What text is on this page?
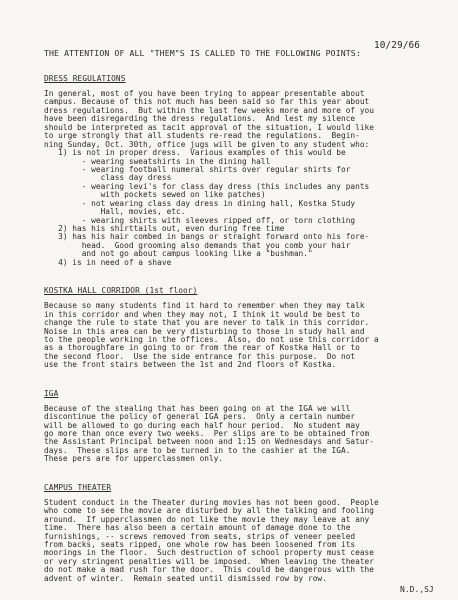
10/29/66
THE ATTENTION OF ALL "THEM"S IS CALLED TO THE FOLLOWING POINTS:
DRESS REGULATIONS
In general, most of you have been trying to appear presentable about
campus. Because of this not much has been said so far this year about
dress regulations.  But within the last few weeks more and more of you
have been disregarding the dress regulations.  And lest my silence
should be interpreted as tacit approval of the situation, I would like
to urge strongly that all students re-read the regulations.  Begin-
ning Sunday, Oct. 30th, office jugs will be given to any student who:
1) is not in proper dress.  Various examples of this would be
- wearing sweatshirts in the dining hall
- wearing football numeral shirts over regular shirts for
class day dress
- wearing levi's for class day dress (this includes any pants
with pockets sewed on like patches)
- not wearing class day dress in dining hall, Kostka Study
Hall, movies, etc.
- wearing shirts with sleeves ripped off, or torn clothing
2) has his shirttails out, even during free time
3) has his hair combed in bangs or straight forward onto his fore-
head.  Good grooming also demands that you comb your hair
and not go about campus looking like a "bushman."
4) is in need of a shave
KOSTKA HALL CORRIDOR (1st floor)
Because so many students find it hard to remember when they may talk
in this corridor and when they may not, I think it would be best to
change the rule to state that you are never to talk in this corridor.
Noise in this area can be very disturbing to those in study hall and
to the people working in the offices.  Also, do not use this corridor a
as a thoroughfare in going to or from the rear of Kostka Hall or to
the second floor.  Use the side entrance for this purpose.  Do not
use the front stairs between the 1st and 2nd floors of Kostka.
IGA
Because of the stealing that has been going on at the IGA we will
discontinue the policy of general IGA pers.  Only a certain number
will be allowed to go during each half hour period.  No student may
go more than once every two weeks.  Per slips are to be obtained from
the Assistant Principal between noon and 1:15 on Wednesdays and Satur-
days.  These slips are to be turned in to the cashier at the IGA.
These pers are for upperclassmen only.
CAMPUS THEATER
Student conduct in the Theater during movies has not been good.  People
who come to see the movie are disturbed by all the talking and fooling
around.  If upperclassmen do not like the movie they may leave at any
time.  There has also been a certain amount of damage done to the
furnishings, -- screws removed from seats, strips of veneer peeled
from backs, seats ripped, one whole row has been loosened from its
moorings in the floor.  Such destruction of school property must cease
or very stringent penalties will be imposed.  When leaving the theater
do not make a mad rush for the door.  This could be dangerous with the
advent of winter.  Remain seated until dismissed row by row.
N.D.,SJ
